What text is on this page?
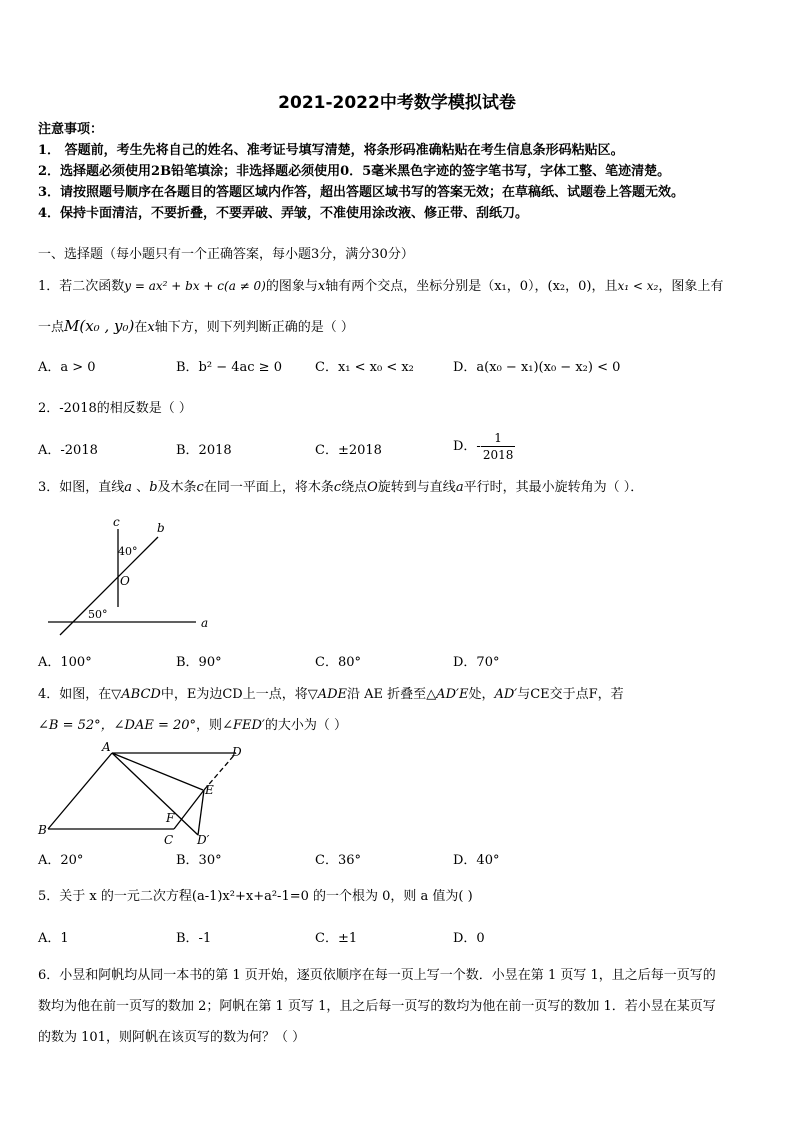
2021-2022中考数学模拟试卷
注意事项：
1． 答题前，考生先将自己的姓名、准考证号填写清楚，将条形码准确粘贴在考生信息条形码粘贴区。
2．选择题必须使用2B铅笔填涂；非选择题必须使用0．5毫米黑色字迹的签字笔书写，字体工整、笔迹清楚。
3．请按照题号顺序在各题目的答题区域内作答，超出答题区域书写的答案无效；在草稿纸、试题卷上答题无效。
4．保持卡面清洁，不要折叠，不要弄破、弄皱，不准使用涂改液、修正带、刮纸刀。
一、选择题（每小题只有一个正确答案，每小题3分，满分30分）
1．若二次函数y = ax² + bx + c(a ≠ 0)的图象与x轴有两个交点，坐标分别是（x₁，0），(x₂，0)，且x₁ < x₂，图象上有
一点M(x₀ , y₀)在x轴下方，则下列判断正确的是（ ）
A．a > 0	B．b² − 4ac ≥ 0	C．x₁ < x₀ < x₂	D．a(x₀ − x₁)(x₀ − x₂) < 0
2．-2018的相反数是（ ）
A．-2018	B．2018	C．±2018	D．- $\frac{1}{2018}$
3．如图，直线a 、b及木条c在同一平面上，将木条c绕点O旋转到与直线a平行时，其最小旋转角为（ ）．
c	b
a
O
40°
50°
A．100°	B．90°	C．80°	D．70°
4．如图，在▽ABCD中，E为边CD上一点，将▽ADE沿 AE 折叠至△AD′E处，AD′与CE交于点F，若
∠B = 52°，∠DAE = 20°，则∠FED′的大小为（ ）
A	D
E
B
C
F
D′
A．20°	B．30°	C．36°	D．40°
5．关于 x 的一元二次方程(a-1)x²+x+a²-1=0 的一个根为 0，则 a 值为( )
A．1	B．-1	C．±1	D．0
6．小昱和阿帆均从同一本书的第 1 页开始，逐页依顺序在每一页上写一个数．小昱在第 1 页写 1，且之后每一页写的
数均为他在前一页写的数加 2；阿帆在第 1 页写 1，且之后每一页写的数均为他在前一页写的数加 1．若小昱在某页写
的数为 101，则阿帆在该页写的数为何？（ ）
